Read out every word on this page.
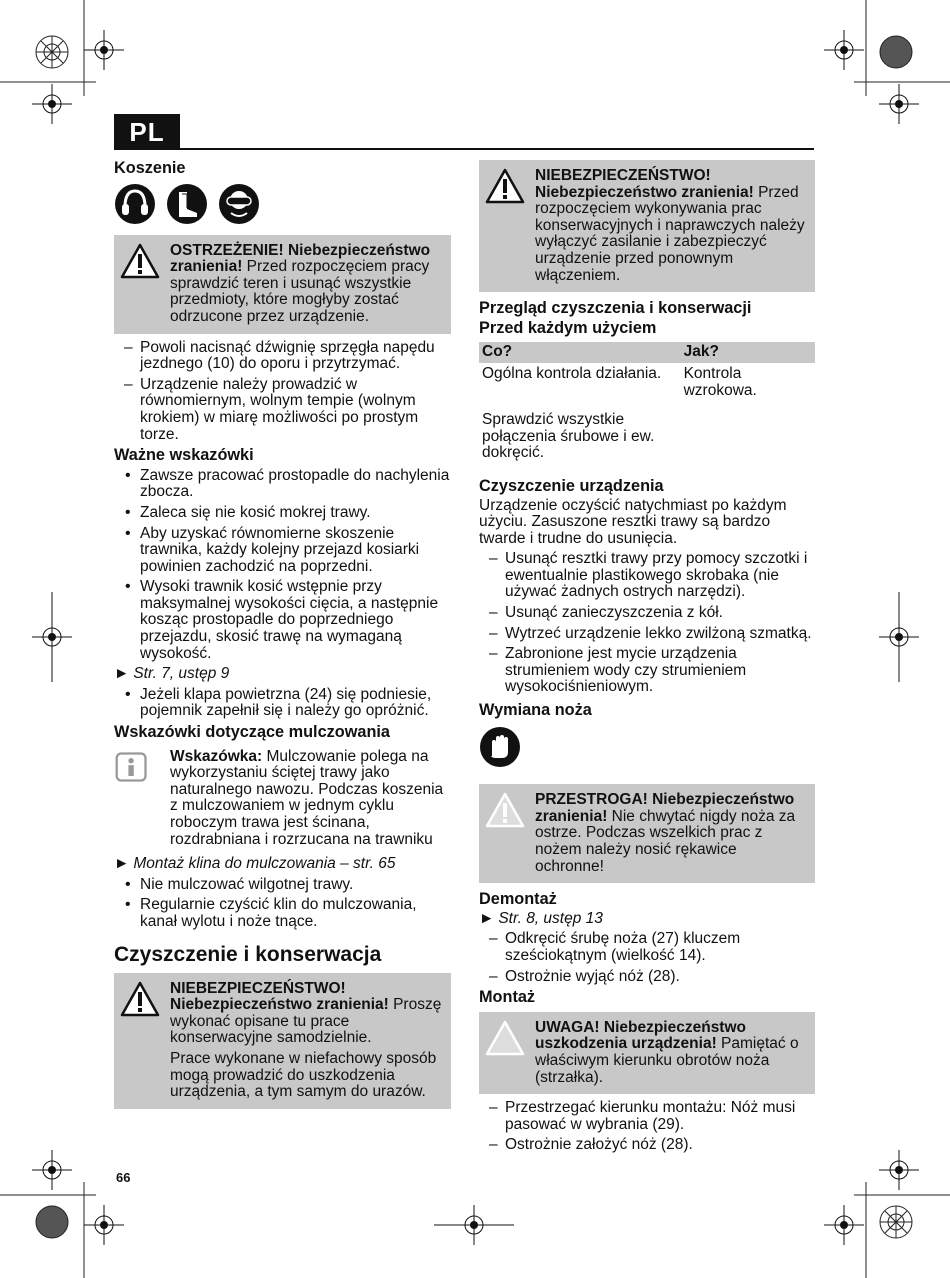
PL
Koszenie
OSTRZEŻENIE! Niebezpieczeństwo zranienia! Przed rozpoczęciem pracy sprawdzić teren i usunąć wszystkie przedmioty, które mogłyby zostać odrzucone przez urządzenie.
– Powoli nacisnąć dźwignię sprzęgła napędu jezdnego (10) do oporu i przytrzymać.
– Urządzenie należy prowadzić w równomiernym, wolnym tempie (wolnym krokiem) w miarę możliwości po prostym torze.
Ważne wskazówki
• Zawsze pracować prostopadle do nachylenia zbocza.
• Zaleca się nie kosić mokrej trawy.
• Aby uzyskać równomierne skoszenie trawnika, każdy kolejny przejazd kosiarki powinien zachodzić na poprzedni.
• Wysoki trawnik kosić wstępnie przy maksymalnej wysokości cięcia, a następnie kosząc prostopadle do poprzedniego przejazdu, skosić trawę na wymaganą wysokość.
► Str. 7, ustęp 9
• Jeżeli klapa powietrzna (24) się podniesie, pojemnik zapełnił się i należy go opróżnić.
Wskazówki dotyczące mulczowania
Wskazówka: Mulczowanie polega na wykorzystaniu ściętej trawy jako naturalnego nawozu. Podczas koszenia z mulczowaniem w jednym cyklu roboczym trawa jest ścinana, rozdrabniana i rozrzucana na trawniku
► Montaż klina do mulczowania – str. 65
• Nie mulczować wilgotnej trawy.
• Regularnie czyścić klin do mulczowania, kanał wylotu i noże tnące.
Czyszczenie i konserwacja

NIEBEZPIECZEŃSTWO! Niebezpieczeństwo zranienia! Proszę wykonać opisane tu prace konserwacyjne samodzielnie.

Prace wykonane w niefachowy sposób mogą prowadzić do uszkodzenia urządzenia, a tym samym do urazów.

NIEBEZPIECZEŃSTWO! Niebezpieczeństwo zranienia! Przed rozpoczęciem wykonywania prac konserwacyjnych i naprawczych należy wyłączyć zasilanie i zabezpieczyć urządzenie przed ponownym włączeniem.
Przegląd czyszczenia i konserwacji
Przed każdym użyciem
Co?	Jak?
Ogólna kontrola działania.	Kontrola wzrokowa.
Sprawdzić wszystkie połączenia śrubowe i ew. dokręcić.	
Czyszczenie urządzenia

Urządzenie oczyścić natychmiast po każdym użyciu. Zasuszone resztki trawy są bardzo twarde i trudne do usunięcia.

– Usunąć resztki trawy przy pomocy szczotki i ewentualnie plastikowego skrobaka (nie używać żadnych ostrych narzędzi).
– Usunąć zanieczyszczenia z kół.
– Wytrzeć urządzenie lekko zwilżoną szmatką.
– Zabronione jest mycie urządzenia strumieniem wody czy strumieniem wysokociśnieniowym.
Wymiana noża
PRZESTROGA! Niebezpieczeństwo zranienia! Nie chwytać nigdy noża za ostrze. Podczas wszelkich prac z nożem należy nosić rękawice ochronne!
Demontaż
► Str. 8, ustęp 13
– Odkręcić śrubę noża (27) kluczem sześciokątnym (wielkość 14).
– Ostrożnie wyjąć nóż (28).
Montaż
UWAGA! Niebezpieczeństwo uszkodzenia urządzenia! Pamiętać o właściwym kierunku obrotów noża (strzałka).
– Przestrzegać kierunku montażu: Nóż musi pasować w wybrania (29).
– Ostrożnie założyć nóż (28).
66
